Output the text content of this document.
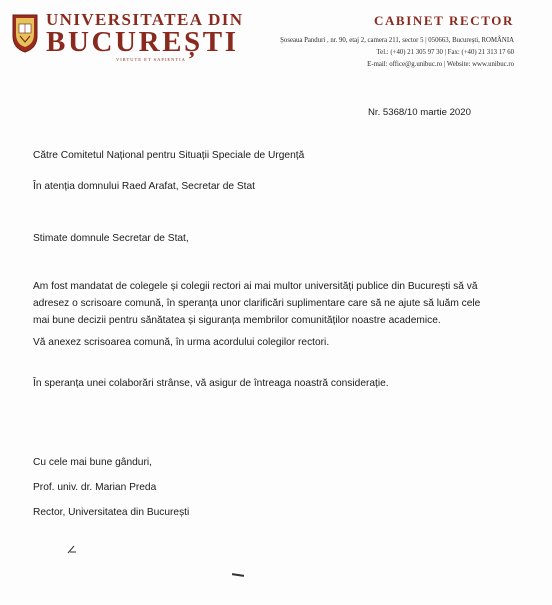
UNIVERSITATEA DIN
BUCUREȘTI
VIRTUTE ET SAPIENTIA
CABINET RECTOR
Șoseaua Panduri , nr. 90, etaj 2, camera 211, sector 5 | 050663, București, ROMÂNIA
Tel.: (+40) 21 305 97 30 | Fax: (+40) 21 313 17 60
E-mail: office@g.unibuc.ro | Website: www.unibuc.ro
Nr. 5368/10 martie 2020
Către Comitetul Național pentru Situații Speciale de Urgență
În atenția domnului Raed Arafat, Secretar de Stat
Stimate domnule Secretar de Stat,
Am fost mandatat de colegele și colegii rectori ai mai multor universități publice din București să vă
adresez o scrisoare comună, în speranța unor clarificări suplimentare care să ne ajute să luăm cele
mai bune decizii pentru sănătatea și siguranța membrilor comunităților noastre academice.
Vă anexez scrisoarea comună, în urma acordului colegilor rectori.
În speranța unei colaborări strânse, vă asigur de întreaga noastră considerație.
Cu cele mai bune gânduri,
Prof. univ. dr. Marian Preda
Rector, Universitatea din București
